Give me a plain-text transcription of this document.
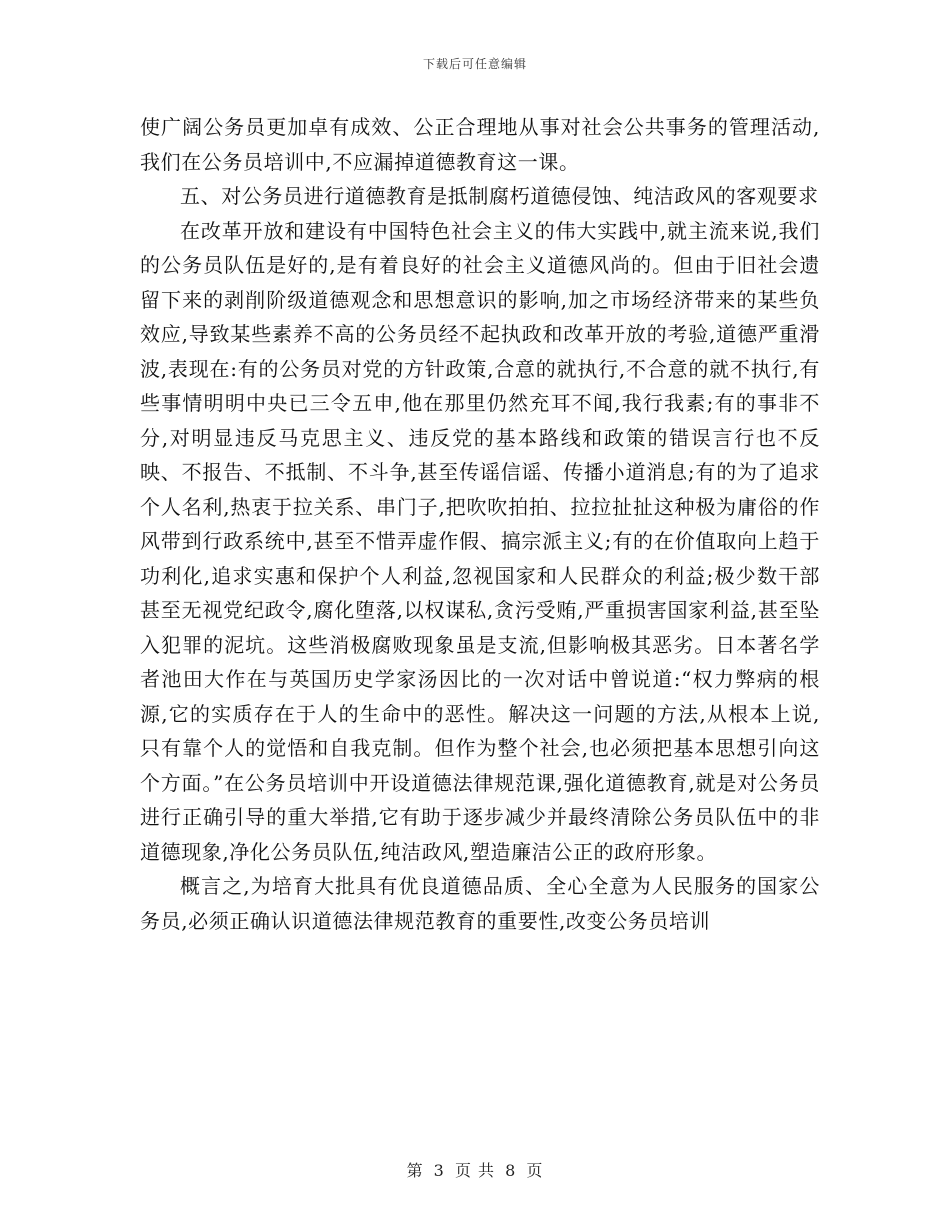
下载后可任意编辑

使广阔公务员更加卓有成效、公正合理地从事对社会公共事务的管理活动,我们在公务员培训中,不应漏掉道德教育这一课。

五、对公务员进行道德教育是抵制腐朽道德侵蚀、纯洁政风的客观要求

在改革开放和建设有中国特色社会主义的伟大实践中,就主流来说,我们的公务员队伍是好的,是有着良好的社会主义道德风尚的。但由于旧社会遗留下来的剥削阶级道德观念和思想意识的影响,加之市场经济带来的某些负效应,导致某些素养不高的公务员经不起执政和改革开放的考验,道德严重滑波,表现在:有的公务员对党的方针政策,合意的就执行,不合意的就不执行,有些事情明明中央已三令五申,他在那里仍然充耳不闻,我行我素;有的事非不分,对明显违反马克思主义、违反党的基本路线和政策的错误言行也不反映、不报告、不抵制、不斗争,甚至传谣信谣、传播小道消息;有的为了追求个人名利,热衷于拉关系、串门子,把吹吹拍拍、拉拉扯扯这种极为庸俗的作风带到行政系统中,甚至不惜弄虚作假、搞宗派主义;有的在价值取向上趋于功利化,追求实惠和保护个人利益,忽视国家和人民群众的利益;极少数干部甚至无视党纪政令,腐化堕落,以权谋私,贪污受贿,严重损害国家利益,甚至坠入犯罪的泥坑。这些消极腐败现象虽是支流,但影响极其恶劣。日本著名学者池田大作在与英国历史学家汤因比的一次对话中曾说道:“权力弊病的根源,它的实质存在于人的生命中的恶性。解决这一问题的方法,从根本上说,只有靠个人的觉悟和自我克制。但作为整个社会,也必须把基本思想引向这个方面。”在公务员培训中开设道德法律规范课,强化道德教育,就是对公务员进行正确引导的重大举措,它有助于逐步减少并最终清除公务员队伍中的非道德现象,净化公务员队伍,纯洁政风,塑造廉洁公正的政府形象。

概言之,为培育大批具有优良道德品质、全心全意为人民服务的国家公务员,必须正确认识道德法律规范教育的重要性,改变公务员培训

第 3 页 共 8 页
